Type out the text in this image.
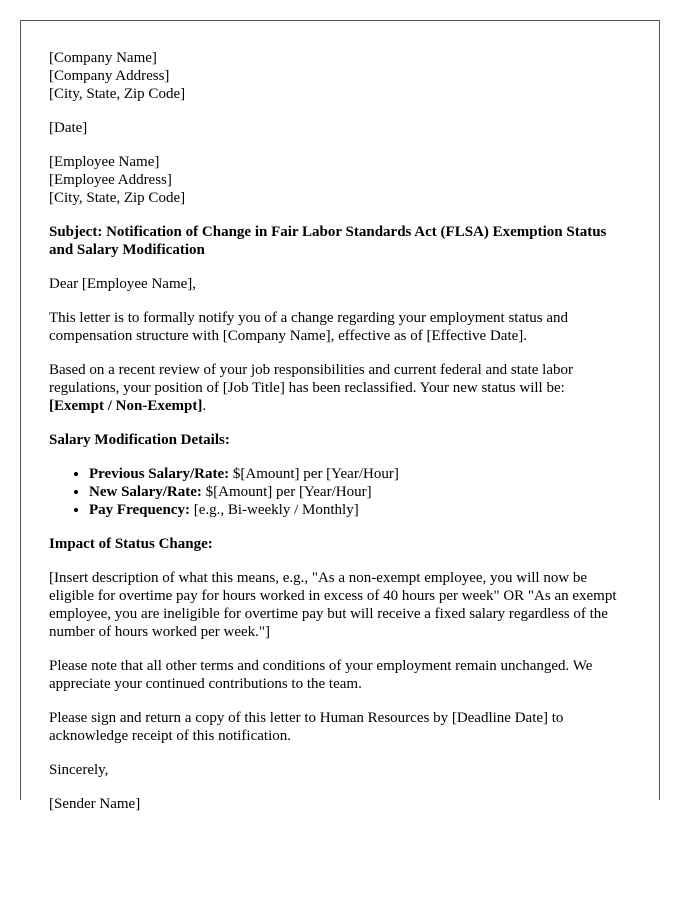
[Company Name]
[Company Address]
[City, State, Zip Code]
[Date]
[Employee Name]
[Employee Address]
[City, State, Zip Code]

Subject: Notification of Change in Fair Labor Standards Act (FLSA) Exemption Status and Salary Modification

Dear [Employee Name],

This letter is to formally notify you of a change regarding your employment status and compensation structure with [Company Name], effective as of [Effective Date].

Based on a recent review of your job responsibilities and current federal and state labor regulations, your position of [Job Title] has been reclassified. Your new status will be:
[Exempt / Non-Exempt].

Salary Modification Details:

• Previous Salary/Rate: $[Amount] per [Year/Hour]
• New Salary/Rate: $[Amount] per [Year/Hour]
• Pay Frequency: [e.g., Bi-weekly / Monthly]

Impact of Status Change:

[Insert description of what this means, e.g., "As a non-exempt employee, you will now be eligible for overtime pay for hours worked in excess of 40 hours per week" OR "As an exempt employee, you are ineligible for overtime pay but will receive a fixed salary regardless of the number of hours worked per week."]

Please note that all other terms and conditions of your employment remain unchanged. We appreciate your continued contributions to the team.

Please sign and return a copy of this letter to Human Resources by [Deadline Date] to acknowledge receipt of this notification.

Sincerely,

[Sender Name]
